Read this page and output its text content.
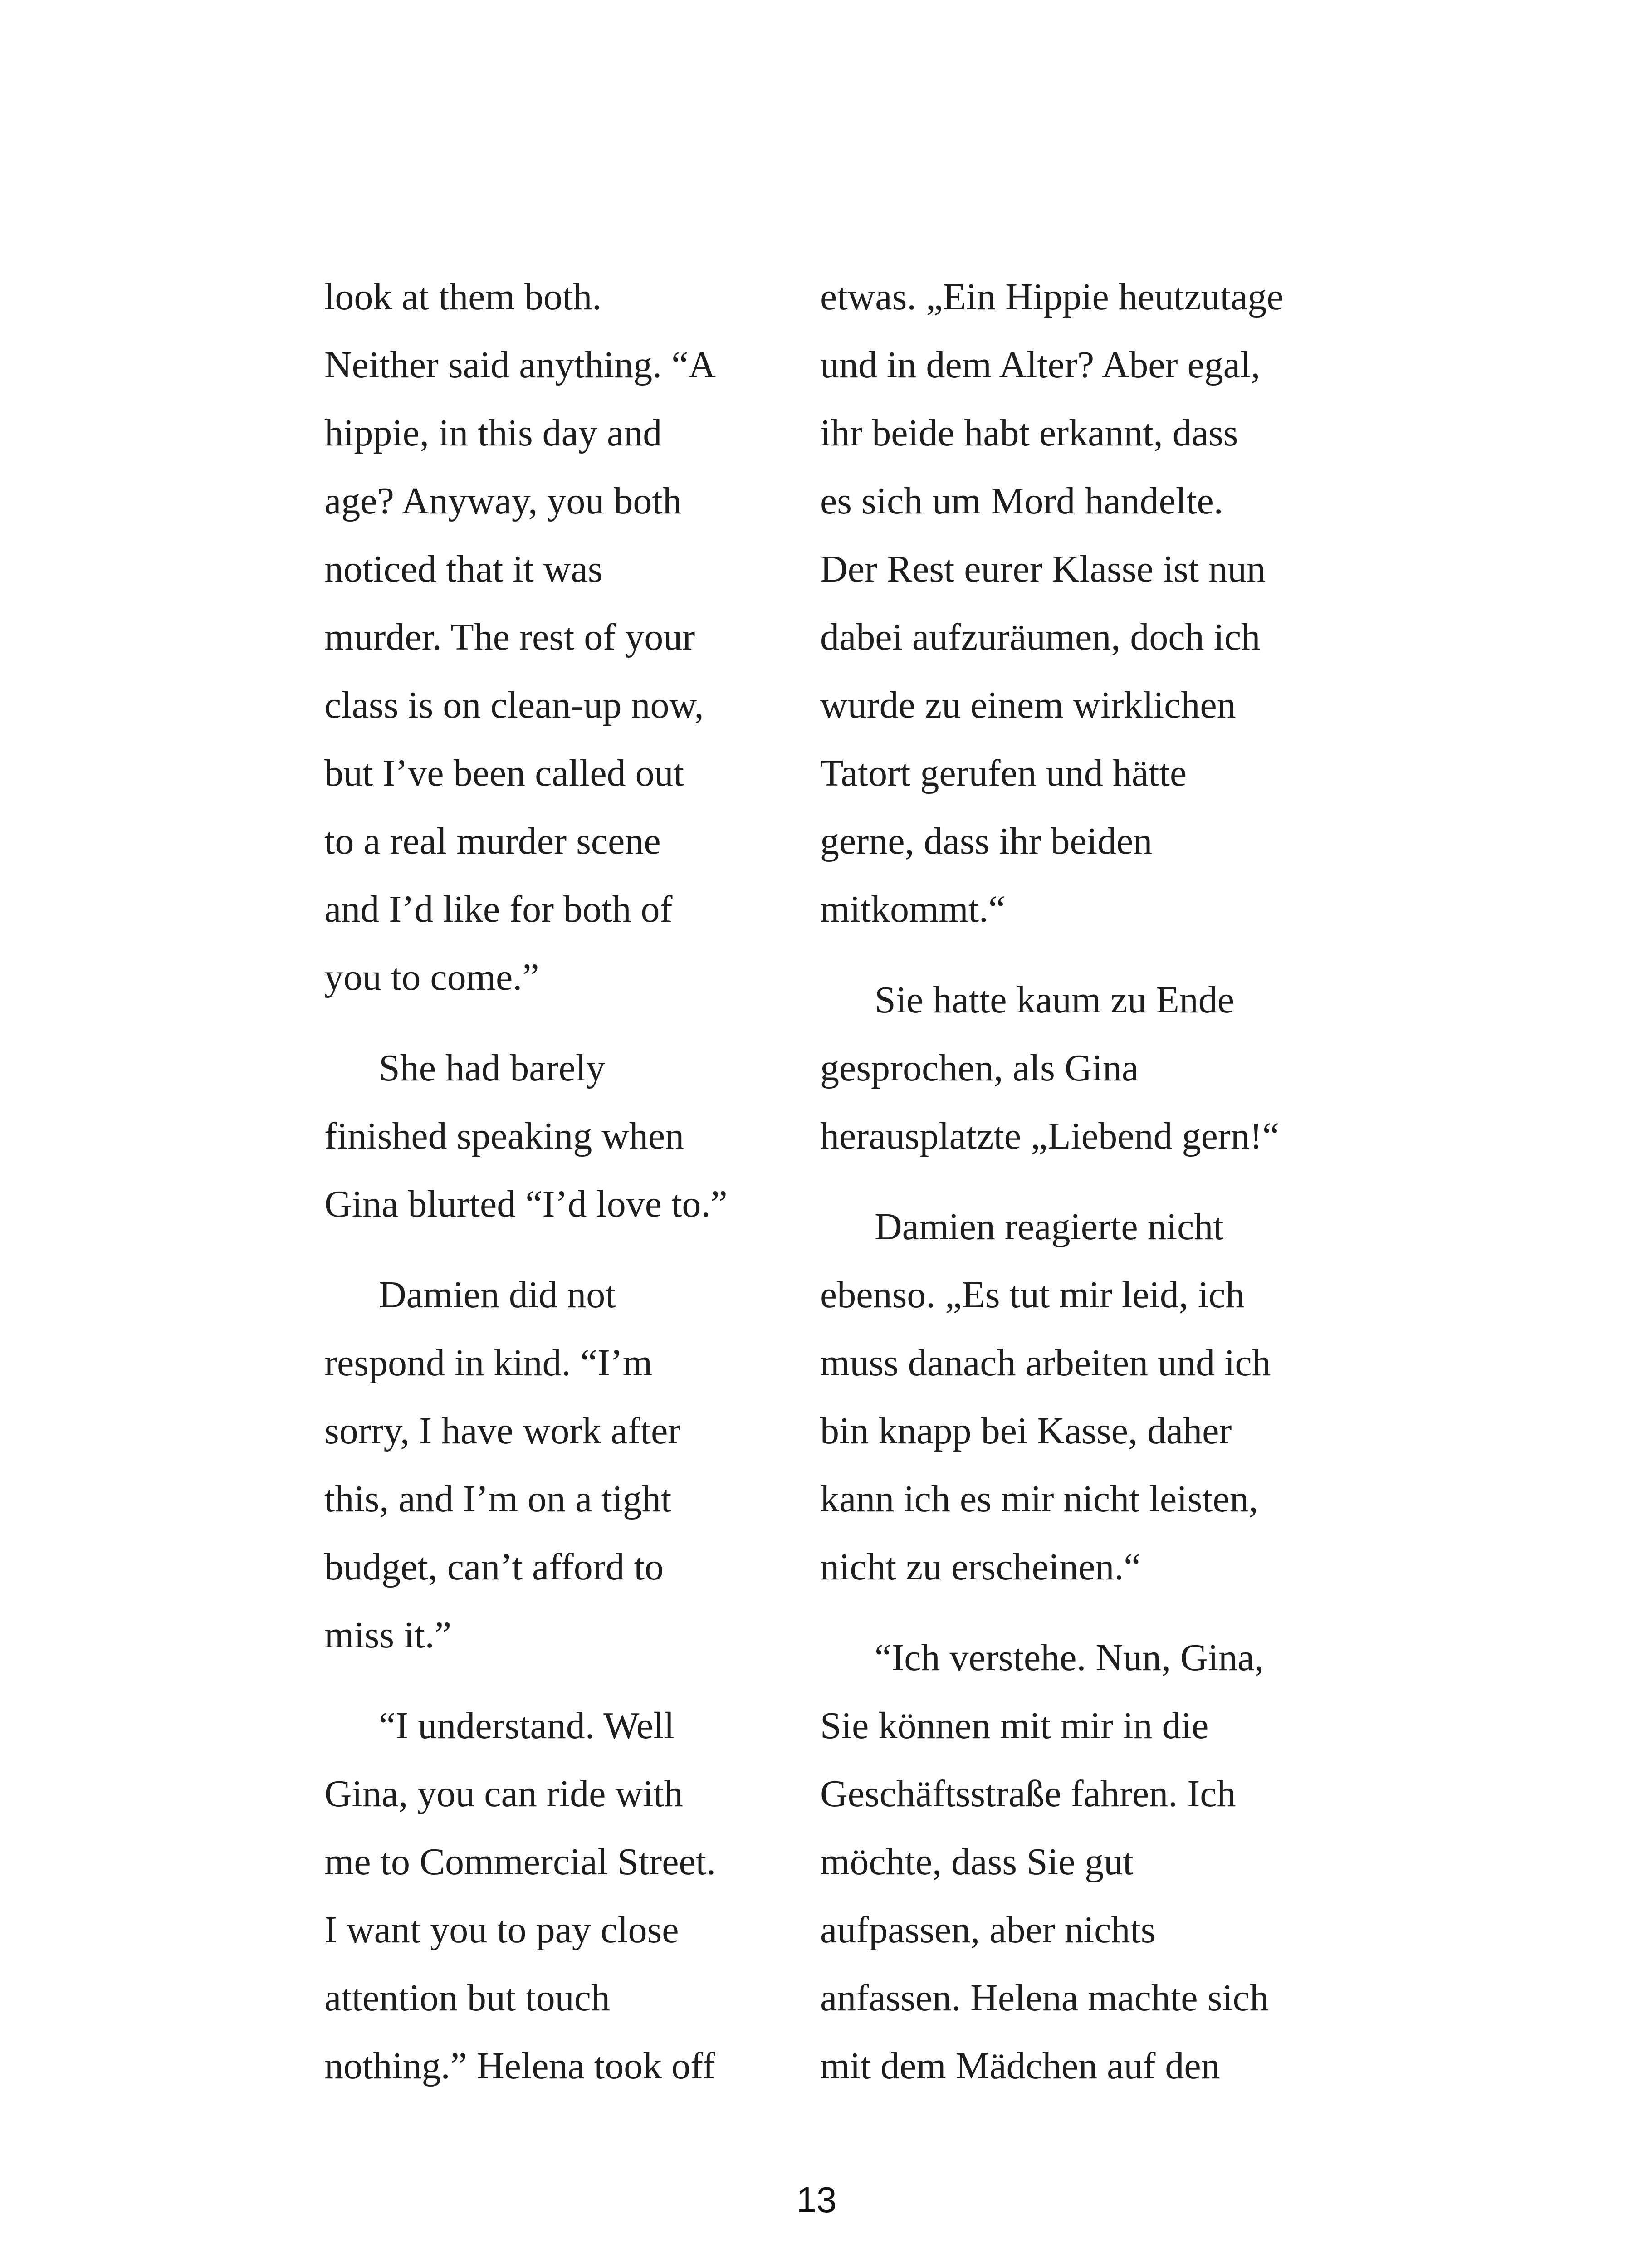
look at them both.
Neither said anything. “A
hippie, in this day and
age? Anyway, you both
noticed that it was
murder. The rest of your
class is on clean-up now,
but I’ve been called out
to a real murder scene
and I’d like for both of
you to come.”
She had barely
finished speaking when
Gina blurted “I’d love to.”
Damien did not
respond in kind. “I’m
sorry, I have work after
this, and I’m on a tight
budget, can’t afford to
miss it.”
“I understand. Well
Gina, you can ride with
me to Commercial Street.
I want you to pay close
attention but touch
nothing.” Helena took off
etwas. „Ein Hippie heutzutage
und in dem Alter? Aber egal,
ihr beide habt erkannt, dass
es sich um Mord handelte.
Der Rest eurer Klasse ist nun
dabei aufzuräumen, doch ich
wurde zu einem wirklichen
Tatort gerufen und hätte
gerne, dass ihr beiden
mitkommt.“
Sie hatte kaum zu Ende
gesprochen, als Gina
herausplatzte „Liebend gern!“
Damien reagierte nicht
ebenso. „Es tut mir leid, ich
muss danach arbeiten und ich
bin knapp bei Kasse, daher
kann ich es mir nicht leisten,
nicht zu erscheinen.“
“Ich verstehe. Nun, Gina,
Sie können mit mir in die
Geschäftsstraße fahren. Ich
möchte, dass Sie gut
aufpassen, aber nichts
anfassen. Helena machte sich
mit dem Mädchen auf den
13
